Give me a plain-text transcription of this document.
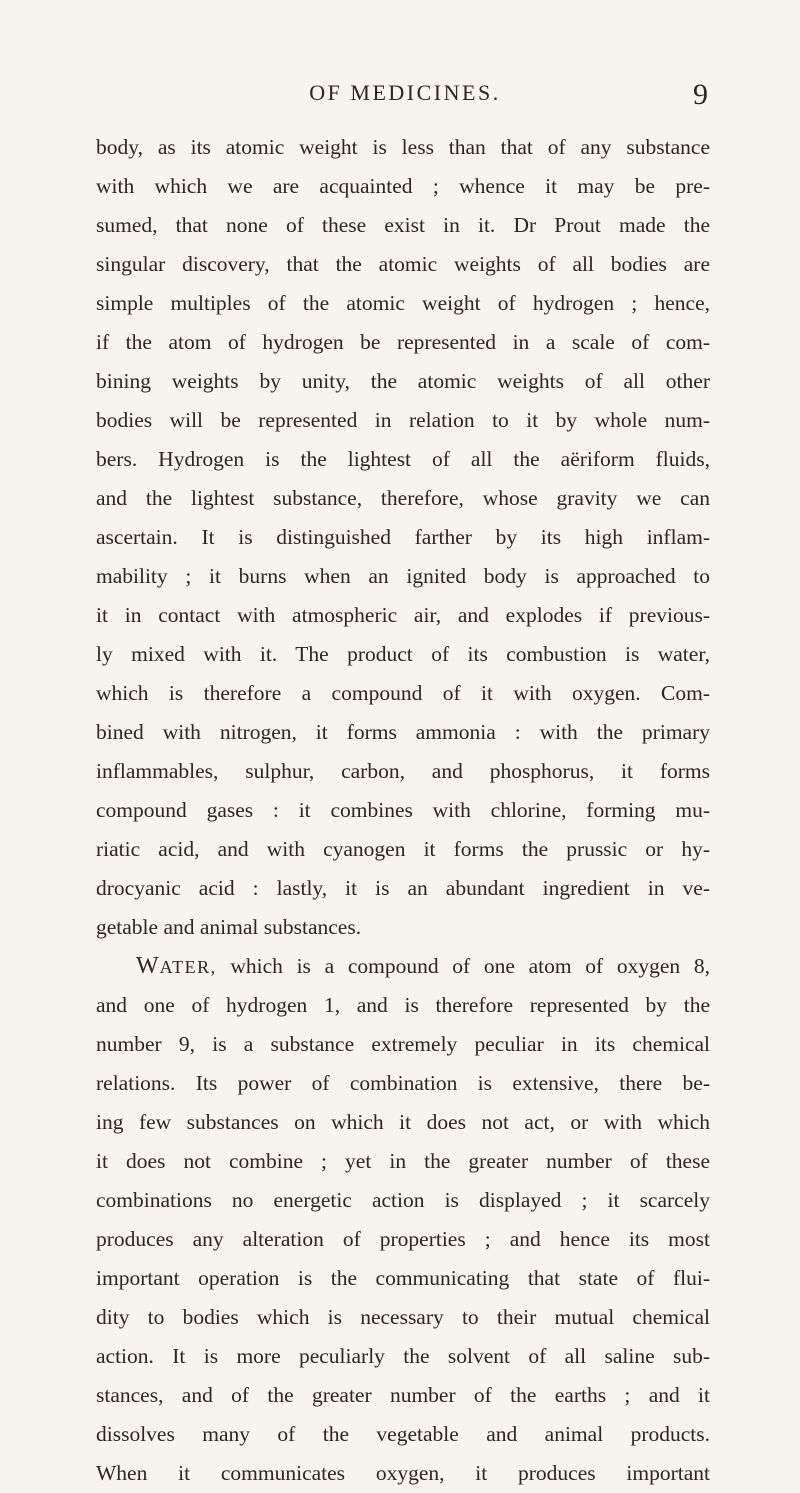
OF MEDICINES.	9
body, as its atomic weight is less than that of any substance
with which we are acquainted ; whence it may be pre-
sumed, that none of these exist in it. Dr Prout made the
singular discovery, that the atomic weights of all bodies are
simple multiples of the atomic weight of hydrogen ; hence,
if the atom of hydrogen be represented in a scale of com-
bining weights by unity, the atomic weights of all other
bodies will be represented in relation to it by whole num-
bers. Hydrogen is the lightest of all the aëriform fluids,
and the lightest substance, therefore, whose gravity we can
ascertain. It is distinguished farther by its high inflam-
mability ; it burns when an ignited body is approached to
it in contact with atmospheric air, and explodes if previous-
ly mixed with it. The product of its combustion is water,
which is therefore a compound of it with oxygen. Com-
bined with nitrogen, it forms ammonia : with the primary
inflammables, sulphur, carbon, and phosphorus, it forms
compound gases : it combines with chlorine, forming mu-
riatic acid, and with cyanogen it forms the prussic or hy-
drocyanic acid : lastly, it is an abundant ingredient in ve-
getable and animal substances.
WATER, which is a compound of one atom of oxygen 8,
and one of hydrogen 1, and is therefore represented by the
number 9, is a substance extremely peculiar in its chemical
relations. Its power of combination is extensive, there be-
ing few substances on which it does not act, or with which
it does not combine ; yet in the greater number of these
combinations no energetic action is displayed ; it scarcely
produces any alteration of properties ; and hence its most
important operation is the communicating that state of flui-
dity to bodies which is necessary to their mutual chemical
action. It is more peculiarly the solvent of all saline sub-
stances, and of the greater number of the earths ; and it
dissolves many of the vegetable and animal products.
When it communicates oxygen, it produces important
